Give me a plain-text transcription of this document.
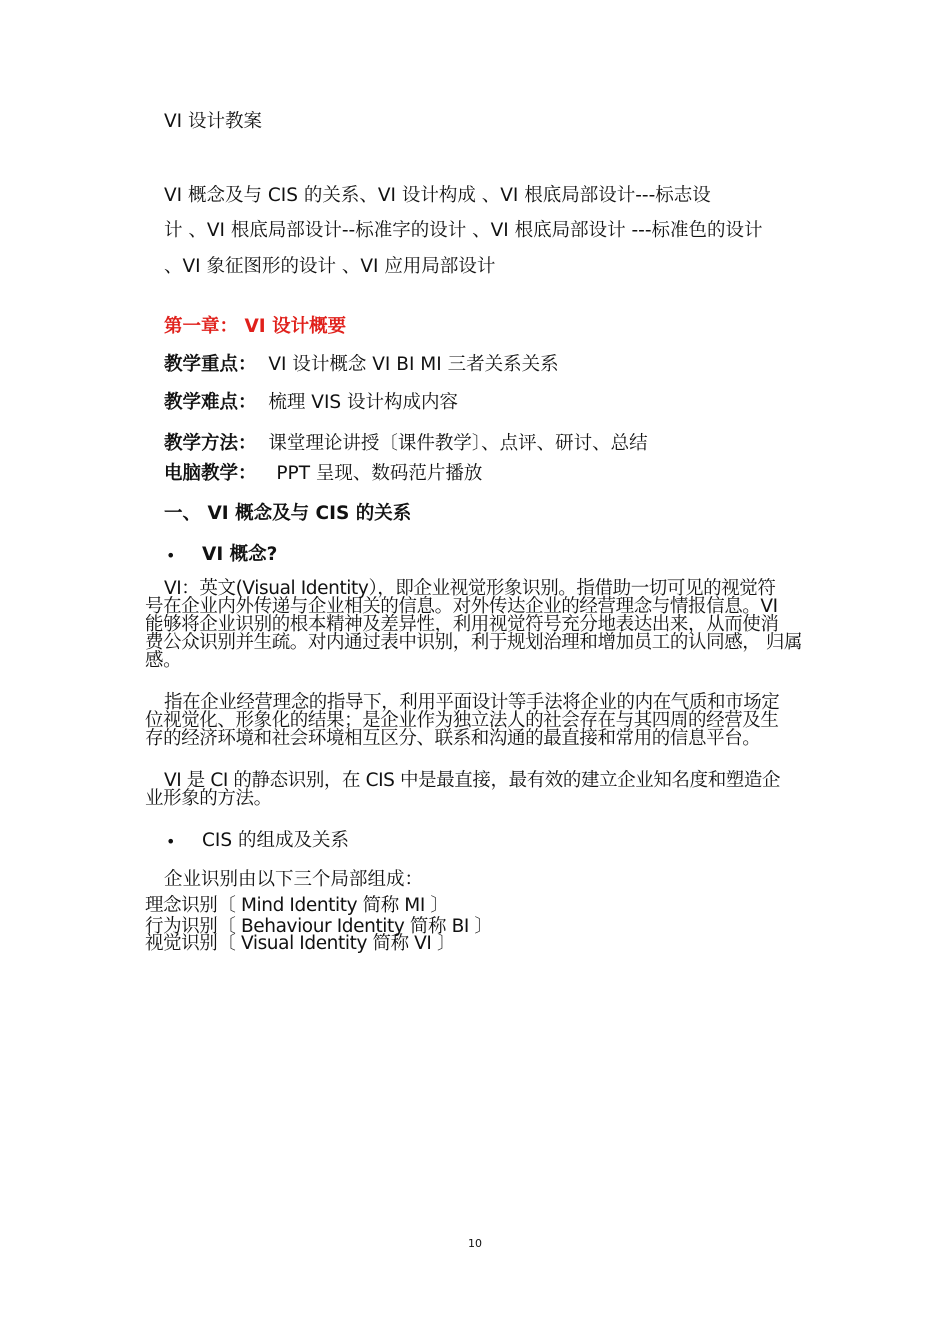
VI 设计教案
VI 概念及与 CIS 的关系、VI 设计构成 、VI 根底局部设计---标志设
计 、VI 根底局部设计--标准字的设计 、VI 根底局部设计 ---标准色的设计
、VI 象征图形的设计 、VI 应用局部设计
第一章： VI 设计概要
教学重点： VI 设计概念 VI BI MI 三者关系关系
教学难点： 梳理 VIS 设计构成内容
教学方法： 课堂理论讲授〔课件教学〕、点评、研讨、总结
电脑教学： PPT 呈现、数码范片播放
一、 VI 概念及与 CIS 的关系
• VI 概念?
VI：英文(Visual Identity），即企业视觉形象识别。指借助一切可见的视觉符
号在企业内外传递与企业相关的信息。对外传达企业的经营理念与情报信息。VI
能够将企业识别的根本精神及差异性，利用视觉符号充分地表达出来，从而使消
费公众识别并生疏。对内通过表中识别，利于规划治理和增加员工的认同感， 归属
感。
指在企业经营理念的指导下，利用平面设计等手法将企业的内在气质和市场定
位视觉化、形象化的结果；是企业作为独立法人的社会存在与其四周的经营及生
存的经济环境和社会环境相互区分、联系和沟通的最直接和常用的信息平台。
VI 是 CI 的静态识别，在 CIS 中是最直接，最有效的建立企业知名度和塑造企
业形象的方法。
• CIS 的组成及关系
企业识别由以下三个局部组成：
理念识别〔 Mind Identity 简称 MI 〕
行为识别〔 Behaviour Identity 简称 BI 〕
视觉识别〔 Visual Identity 简称 VI 〕
10
